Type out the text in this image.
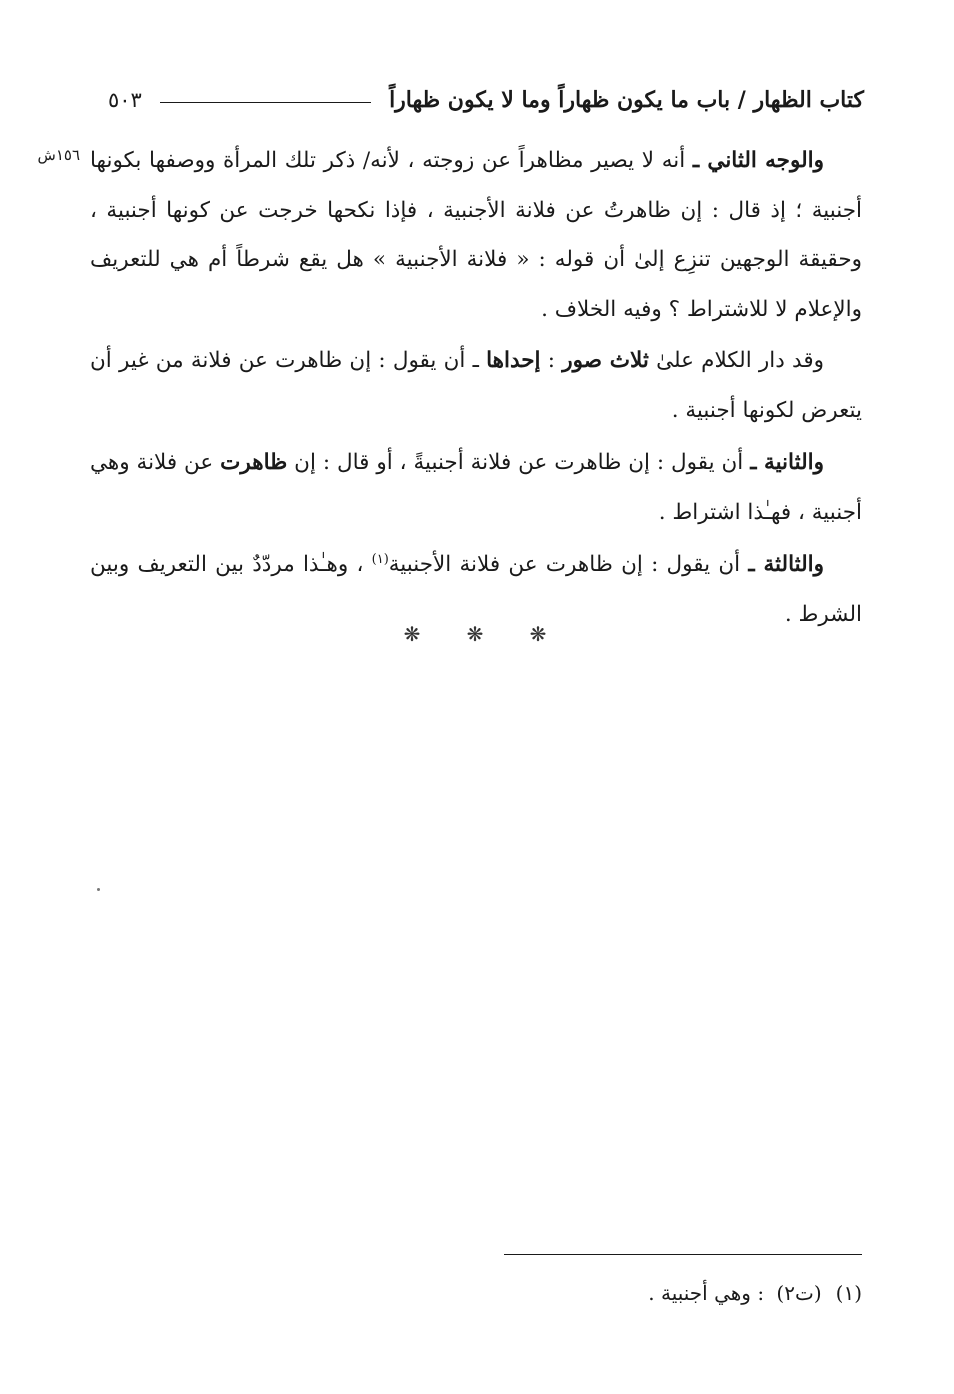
كتاب الظهار / باب ما يكون ظهاراً وما لا يكون ظهاراً
٥٠٣
١٥٦ش	والوجه الثاني ـ أنه لا يصير مظاهراً عن زوجته ، لأنه/ ذكر تلك المرأة ووصفها بكونها أجنبية ؛ إذ قال : إن ظاهرتُ عن فلانة الأجنبية ، فإذا نكحها خرجت عن كونها أجنبية ، وحقيقة الوجهين تنزِع إلىٰ أن قوله : « فلانة الأجنبية » هل يقع شرطاً أم هي للتعريف والإعلام لا للاشتراط ؟ وفيه الخلاف .

وقد دار الكلام علىٰ ثلاث صور : إحداها ـ أن يقول : إن ظاهرت عن فلانة من غير أن يتعرض لكونها أجنبية .

والثانية ـ أن يقول : إن ظاهرت عن فلانة أجنبيةً ، أو قال : إن ظاهرت عن فلانة وهي أجنبية ، فهـٰذا اشتراط .

والثالثة ـ أن يقول : إن ظاهرت عن فلانة الأجنبية$^{(١)}$ ، وهـٰذا مردّدٌ بين التعريف وبين الشرط .

❋
❋
❋
(١)(ت٢) : وهي أجنبية .
